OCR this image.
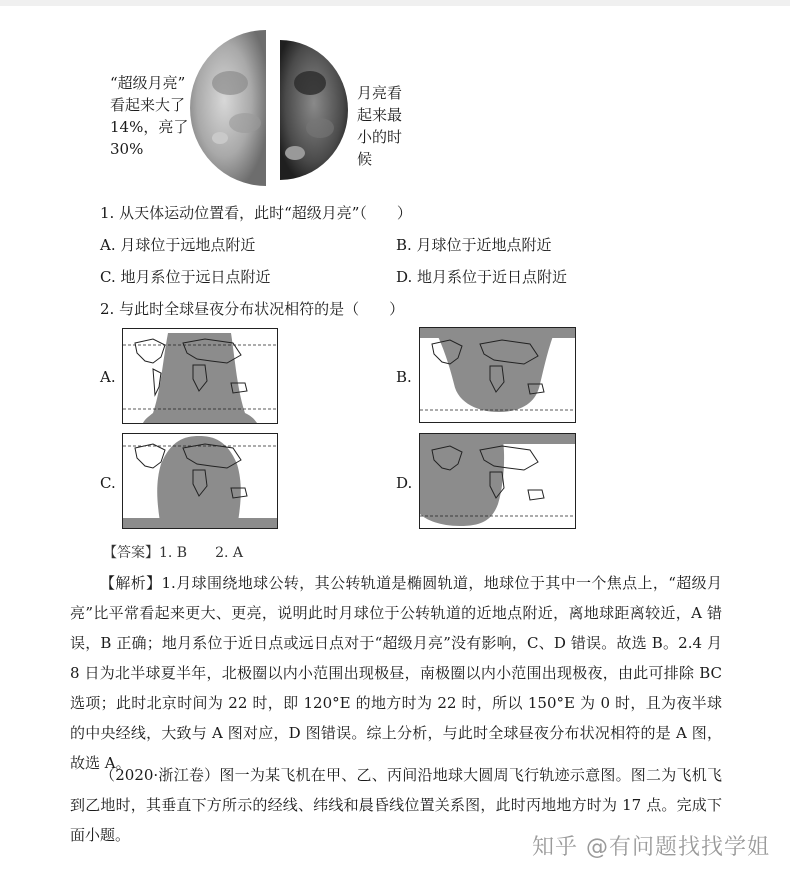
“超级月亮”
看起来大了
14%，亮了
30%
月亮看
起来最
小的时
候
1. 从天体运动位置看，此时“超级月亮”（　　）
A. 月球位于远地点附近	B. 月球位于近地点附近
C. 地月系位于远日点附近	D. 地月系位于近日点附近
2. 与此时全球昼夜分布状况相符的是（　　）
A.	B.
C.	D.
【答案】1. B　　2. A
【解析】1.月球围绕地球公转，其公转轨道是椭圆轨道，地球位于其中一个焦点上，“超级月亮”比平常看起来更大、更亮，说明此时月球位于公转轨道的近地点附近，离地球距离较近，A 错误，B 正确；地月系位于近日点或远日点对于“超级月亮”没有影响，C、D 错误。故选 B。2.4 月 8 日为北半球夏半年，北极圈以内小范围出现极昼，南极圈以内小范围出现极夜，由此可排除 BC 选项；此时北京时间为 22 时，即 120°E 的地方时为 22 时，所以 150°E 为 0 时，且为夜半球的中央经线，大致与 A 图对应，D 图错误。综上分析，与此时全球昼夜分布状况相符的是 A 图，故选 A。
（2020·浙江卷）图一为某飞机在甲、乙、丙间沿地球大圆周飞行轨迹示意图。图二为飞机飞到乙地时，其垂直下方所示的经线、纬线和晨昏线位置关系图，此时丙地地方时为 17 点。完成下面小题。	知乎 @有问题找找学姐
